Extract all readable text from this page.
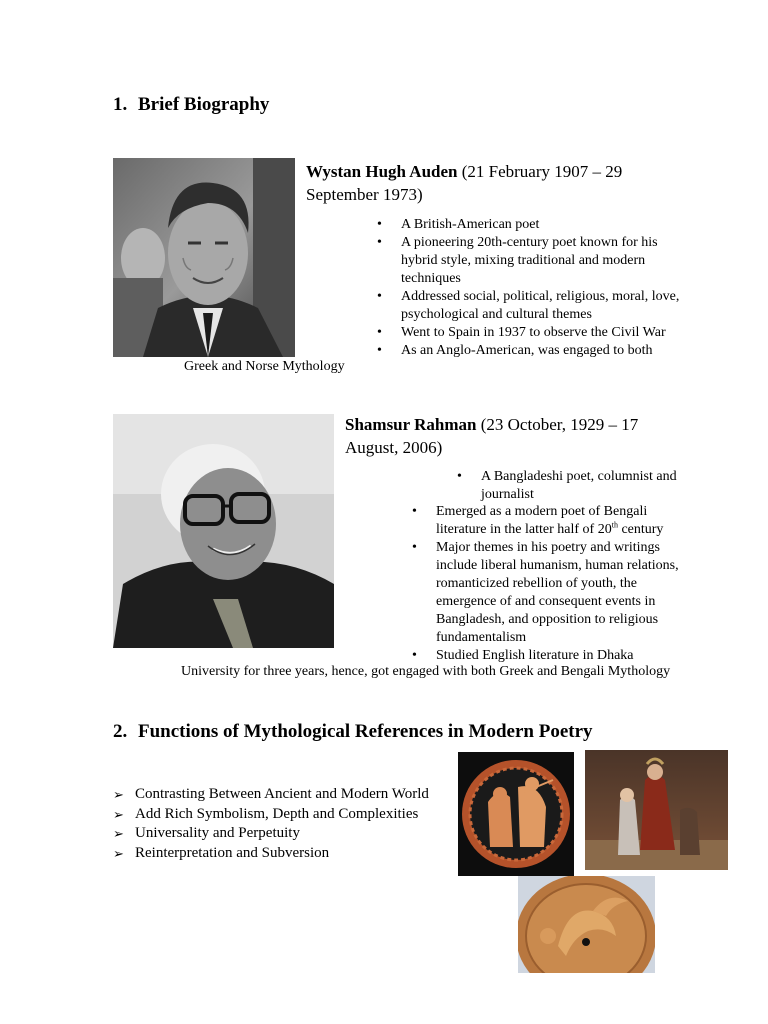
1. Brief Biography
Wystan Hugh Auden (21 February 1907 – 29 September 1973)
• A British-American poet
• A pioneering 20th-century poet known for his hybrid style, mixing traditional and modern techniques
• Addressed social, political, religious, moral, love, psychological and cultural themes
• Went to Spain in 1937 to observe the Civil War
• As an Anglo-American, was engaged to both
Greek and Norse Mythology
Shamsur Rahman (23 October, 1929 – 17 August, 2006)
• A Bangladeshi poet, columnist and journalist
• Emerged as a modern poet of Bengali literature in the latter half of 20th century
• Major themes in his poetry and writings include liberal humanism, human relations, romanticized rebellion of youth, the emergence of and consequent events in Bangladesh, and opposition to religious fundamentalism
• Studied English literature in Dhaka
University for three years, hence, got engaged with both Greek and Bengali Mythology
2. Functions of Mythological References in Modern Poetry
➢ Contrasting Between Ancient and Modern World
➢ Add Rich Symbolism, Depth and Complexities
➢ Universality and Perpetuity
➢ Reinterpretation and Subversion
